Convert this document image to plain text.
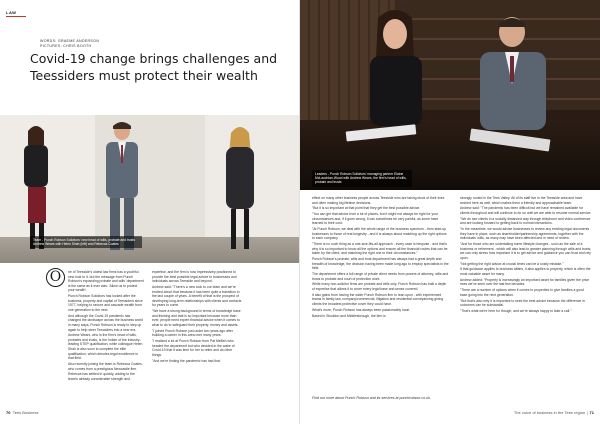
LAW
WORDS: GRAEME ANDERSON
PICTURES: CHRIS BOOTH
Covid-19 change brings challenges and Teessiders must protect their wealth
Team - Punch Robson Solicitors' new head of wills, probate and trusts Andrew Wears with Helen Shah (left) and Rebecca Coates
O	ne of Teesside's oldest law firms has a youthful new look to it, but the message from Punch Robson's expanding probate and wills' department is the same as it ever was: 'Allow us to protect your wealth'.

Punch Robson Solicitors has looked after the business, property and capital of Teessiders since 1977, helping to secure and cascade wealth from one generation to the next.

And although the Covid-19 pandemic has changed the landscape across the business world in many ways, Punch Robson is ready to step up again to help steer Teessiders into a new era.

Andrew Wears, who is the firm's head of wills, probates and trusts, is the holder of the industry-leading STEP qualification, while colleague Helen Shah is also soon to complete the elite qualification, which denotes legal excellence in that field.

Also recently joining the team is Rebecca Coates, who comes from a prestigious Newcastle firm.

Rebecca has settled in quickly, adding to the team's already considerable strength and

expertise, and the firm is now impressively positioned to provide the best possible legal advice to businesses and individuals across Teesside and beyond.

Andrew said: "There's a new look to our team and we're excited about that because it has been quite a transition in the last couple of years. A benefit of that is the prospect of developing long-term relationships with clients and contacts for years to come.

"We have a strong background in terms of knowledge base and thinking and that is so important because more than ever, people need expert financial advice when it comes to what to do to safeguard their property, money and assets.

"I joined Punch Robson just under two years ago after building a career in this area over many years.

"I realised a lot at Punch Robson from Pat Mellish who headed the department but who decided in the wake of Covid-19 that it was time for her to retire and do other things.

"And we're finding the pandemic has had that

70 Tees Business
Leaders - Punch Robson Solicitors' managing partner Elaine McLauchlan-Wood with Andrew Wears, the firm's head of wills, probate and trusts

effect on many other business people across Teesside who are taking stock of their lives and often making big lifetime decisions.

"But it is so important at that point that they get the best possible advice.

"You can get that advice from a lot of places, but it might not always be right for your circumstances and, if it goes wrong, it can sometimes be very painful, as some have learned to their cost.

"At Punch Robson, we deal with the whole range of the business spectrum - from start-up businesses to those of real longevity - and it is always about matching up the right options to each company.

"There is no such thing as a one-size-fits-all approach - every case is bespoke - and that's why it is so important to know all the options and ensure all the financial routes that can be taken by the client, and matching the right one to their circumstances."

Punch Robson's probate, wills and trust department has always had a great depth and breadth of knowledge, the decision having been made long ago to employ specialists in the field.

The department offers a full range of private client needs from powers of attorney, wills and trusts to probate and court of protection work.

While many non-solicitor firms are probate and wills only, Punch Robson has built a depth of expertise that allows it to cover every legal base and sense covered.

It also gains from having the wider Punch Robson firm to lean upon - with experienced teams in family law, company/commercial, litigation and residential conveyancing giving clients the broadest protective cover they could have.

What's more, Punch Robson has always been passionately local.

Based in Stockton and Middlesbrough, the firm is

strongly rooted in the Tees Valley. All of its staff live in the Teesside area and have worked here as well, which makes them a friendly and approachable team.

Andrew said: "The pandemic has been difficult but we have remained available for clients throughout and will continue to do so until we are able to resume normal service.

"We do see clients in a socially distanced way through telephone and video conference and are looking forward to getting back to normal interactions.

"In the meantime, we would advise businesses to review any existing legal documents they have in place, such as shareholder/partnership agreements, together with the individuals' wills, as many may have been affected and in need of review.

"And for those who are undertaking some lifestyle changes - such as the sale of a business or retirement - which will also lead to greater planning through wills and trusts; we can only stress how important it is to get advice and guidance you can trust and rely upon.

"Not getting the right advice at crucial times can be a costly mistake."

If that guidance applies to business affairs, it also applies to property, which is often the most valuable asset for many.

Andrew added: "Property is increasingly an important asset for families given the price rises we've seen over the last few decades.

"There are a number of options when it comes to properties to give families a good base going into the next generation.

"But that's also why it is important to seek the best advice because the difference in outcomes can be substantial.

"That's what we're here for though, and we're always happy to take a call."

Find out more about Punch Robson and its services at punchrobson.co.uk.
The voice of business in the Tees region  | 71
